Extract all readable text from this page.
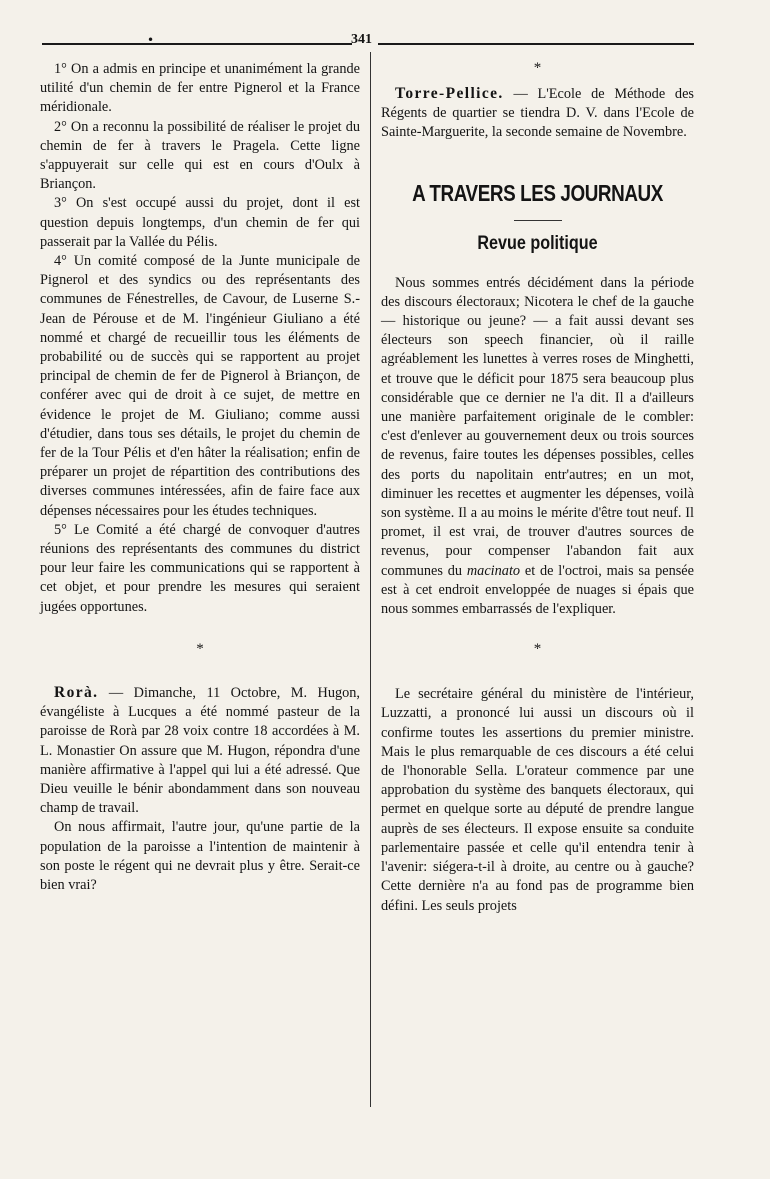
•	341

1° On a admis en principe et unanimément la grande utilité d'un chemin de fer entre Pignerol et la France méridionale.

2° On a reconnu la possibilité de réaliser le projet du chemin de fer à travers le Pragela. Cette ligne s'appuyerait sur celle qui est en cours d'Oulx à Briançon.

3° On s'est occupé aussi du projet, dont il est question depuis longtemps, d'un chemin de fer qui passerait par la Vallée du Pélis.

4° Un comité composé de la Junte municipale de Pignerol et des syndics ou des représentants des communes de Fénestrelles, de Cavour, de Luserne S.-Jean de Pérouse et de M. l'ingénieur Giuliano a été nommé et chargé de recueillir tous les éléments de probabilité ou de succès qui se rapportent au projet principal de chemin de fer de Pignerol à Briançon, de conférer avec qui de droit à ce sujet, de mettre en évidence le projet de M. Giuliano; comme aussi d'étudier, dans tous ses détails, le projet du chemin de fer de la Tour Pélis et d'en hâter la réalisation; enfin de préparer un projet de répartition des contributions des diverses communes intéressées, afin de faire face aux dépenses nécessaires pour les études techniques.

5° Le Comité a été chargé de convoquer d'autres réunions des représentants des communes du district pour leur faire les communications qui se rapportent à cet objet, et pour prendre les mesures qui seraient jugées opportunes.

*

Rorà. — Dimanche, 11 Octobre, M. Hugon, évangéliste à Lucques a été nommé pasteur de la paroisse de Rorà par 28 voix contre 18 accordées à M. L. Monastier On assure que M. Hugon, répondra d'une manière affirmative à l'appel qui lui a été adressé. Que Dieu veuille le bénir abondamment dans son nouveau champ de travail.

On nous affirmait, l'autre jour, qu'une partie de la population de la paroisse a l'intention de maintenir à son poste le régent qui ne devrait plus y être. Serait-ce bien vrai?

*

Torre-Pellice. — L'Ecole de Méthode des Régents de quartier se tiendra D. V. dans l'Ecole de Sainte-Marguerite, la seconde semaine de Novembre.

A TRAVERS LES JOURNAUX
Revue politique

Nous sommes entrés décidément dans la période des discours électoraux; Nicotera le chef de la gauche — historique ou jeune? — a fait aussi devant ses électeurs son speech financier, où il raille agréablement les lunettes à verres roses de Minghetti, et trouve que le déficit pour 1875 sera beaucoup plus considérable que ce dernier ne l'a dit. Il a d'ailleurs une manière parfaitement originale de le combler: c'est d'enlever au gouvernement deux ou trois sources de revenus, faire toutes les dépenses possibles, celles des ports du napolitain entr'autres; en un mot, diminuer les recettes et augmenter les dépenses, voilà son système. Il a au moins le mérite d'être tout neuf. Il promet, il est vrai, de trouver d'autres sources de revenus, pour compenser l'abandon fait aux communes du macinato et de l'octroi, mais sa pensée est à cet endroit enveloppée de nuages si épais que nous sommes embarrassés de l'expliquer.

*

Le secrétaire général du ministère de l'intérieur, Luzzatti, a prononcé lui aussi un discours où il confirme toutes les assertions du premier ministre. Mais le plus remarquable de ces discours a été celui de l'honorable Sella. L'orateur commence par une approbation du système des banquets électoraux, qui permet en quelque sorte au député de prendre langue auprès de ses électeurs. Il expose ensuite sa conduite parlementaire passée et celle qu'il entendra tenir à l'avenir: siégera-t-il à droite, au centre ou à gauche? Cette dernière n'a au fond pas de programme bien défini. Les seuls projets
